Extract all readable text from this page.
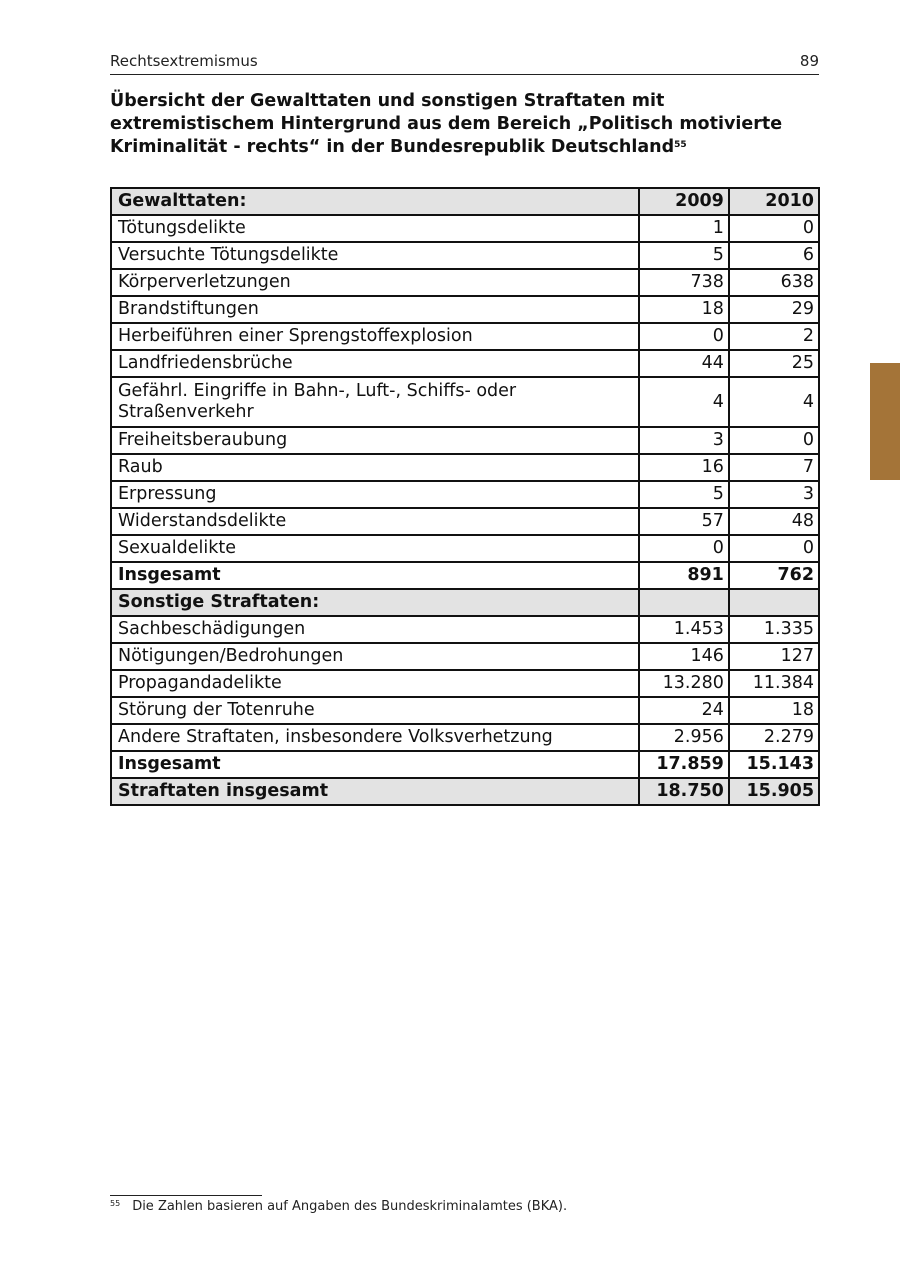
Rechtsextremismus	89
Übersicht der Gewalttaten und sonstigen Straftaten mit extremistischem Hintergrund aus dem Bereich „Politisch motivierte Kriminalität - rechts“ in der Bundesrepublik Deutschland$^{55}$
Gewalttaten:	2009	2010
Tötungsdelikte	1	0
Versuchte Tötungsdelikte	5	6
Körperverletzungen	738	638
Brandstiftungen	18	29
Herbeiführen einer Sprengstoffexplosion	0	2
Landfriedensbrüche	44	25
Gefährl. Eingriffe in Bahn-, Luft-, Schiffs- oder Straßenverkehr	4	4
Freiheitsberaubung	3	0
Raub	16	7
Erpressung	5	3
Widerstandsdelikte	57	48
Sexualdelikte	0	0
Insgesamt	891	762
Sonstige Straftaten:		
Sachbeschädigungen	1.453	1.335
Nötigungen/Bedrohungen	146	127
Propagandadelikte	13.280	11.384
Störung der Totenruhe	24	18
Andere Straftaten, insbesondere Volksverhetzung	2.956	2.279
Insgesamt	17.859	15.143
Straftaten insgesamt	18.750	15.905
$^{55}$ Die Zahlen basieren auf Angaben des Bundeskriminalamtes (BKA).
